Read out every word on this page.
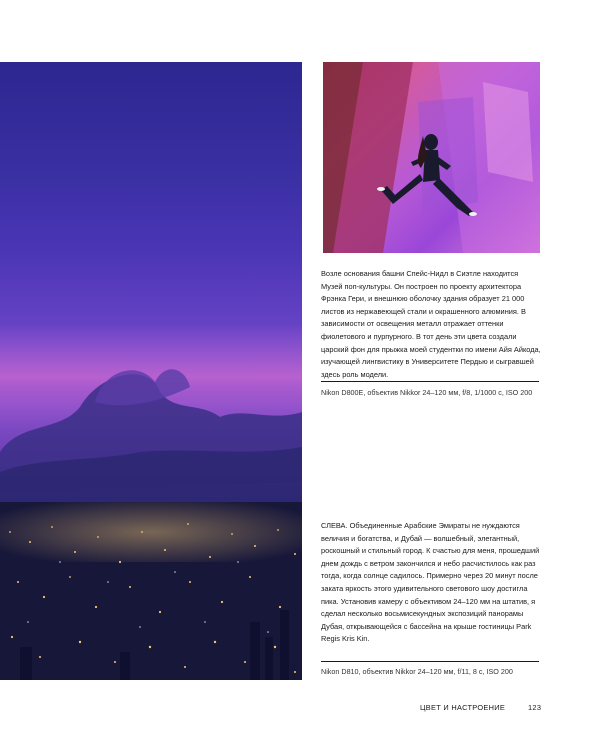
Возле основания башни Спейс-Нидл в Сиэтле находится Музей поп-культуры. Он построен по проекту архитектора Фрэнка Гери, и внешнюю оболочку здания образует 21 000 листов из нержавеющей стали и окрашенного алюминия. В зависимости от освещения металл отражает оттенки фиолетового и пурпурного. В тот день эти цвета создали царский фон для прыжка моей студентки по имени Айя Айкода, изучающей лингвистику в Университете Пердью и сыгравшей здесь роль модели.

Nikon D800E, объектив Nikkor 24–120 мм, f/8, 1/1000 с, ISO 200

СЛЕВА. Объединенные Арабские Эмираты не нуждаются величия и богатства, и Дубай — волшебный, элегантный, роскошный и стильный город. К счастью для меня, прошедший днем дождь с ветром закончился и небо расчистилось как раз тогда, когда солнце садилось. Примерно через 20 минут после заката яркость этого удивительного светового шоу достигла пика. Установив камеру с объективом 24–120 мм на штатив, я сделал несколько восьмисекундных экспозиций панорамы Дубая, открывающейся с бассейна на крыше гостиницы Park Regis Kris Kin.

Nikon D810, объектив Nikkor 24–120 мм, f/11, 8 с, ISO 200
ЦВЕТ И НАСТРОЕНИЕ	123
